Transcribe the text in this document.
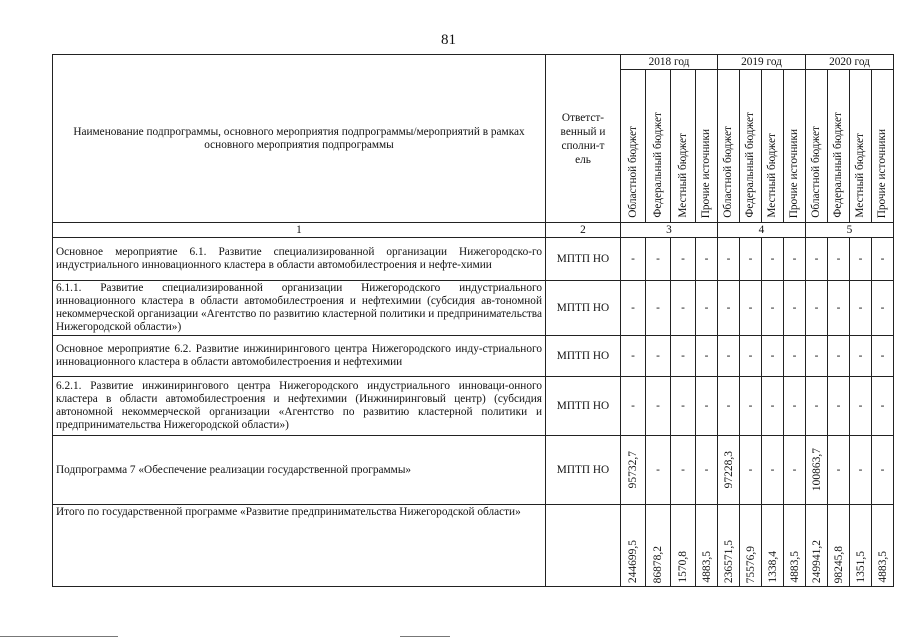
81
Наименование подпрограммы, основного мероприятия подпрограммы/мероприятий в рамках основного мероприятия подпрограммы	Ответст-венный исполни-тель	2018 год				2019 год				2020 год			

		Областной бюджет	Федеральный бюджет	Местный бюджет	Прочие источники	Областной бюджет	Федеральный бюджет	Местный бюджет	Прочие источники	Областной бюджет	Федеральный бюджет	Местный бюджет	Прочие источники

1	2	3				4				5			
Основное мероприятие 6.1. Развитие специализированной организации Нижегородско-го индустриального инновационного кластера в области автомобилестроения и нефте-химии	МПТП НО	-	-	-	-	-	-	-	-	-	-	-	-
6.1.1. Развитие специализированной организации Нижегородского индустриального инновационного кластера в области автомобилестроения и нефтехимии (субсидия ав-тономной некоммерческой организации «Агентство по развитию кластерной политики и предпринимательства Нижегородской области»)	МПТП НО	-	-	-	-	-	-	-	-	-	-	-	-
Основное мероприятие 6.2. Развитие инжинирингового центра Нижегородского инду-стриального инновационного кластера в области автомобилестроения и нефтехимии	МПТП НО	-	-	-	-	-	-	-	-	-	-	-	-
6.2.1. Развитие инжинирингового центра Нижегородского индустриального инноваци-онного кластера в области автомобилестроения и нефтехимии (Инжиниринговый центр) (субсидия автономной некоммерческой организации «Агентство по развитию кластерной политики и предпринимательства Нижегородской области»)	МПТП НО	-	-	-	-	-	-	-	-	-	-	-	-
Подпрограмма 7 «Обеспечение реализации государственной программы»	МПТП НО	95732,7	-	-	-	97228,3	-	-	-	100863,7	-	-	-
Итого по государственной программе «Развитие предпринимательства Нижегородской области»		244699,5	86878,2	1570,8	4883,5	236571,5	75576,9	1338,4	4883,5	249941,2	98245,8	1351,5	4883,5
